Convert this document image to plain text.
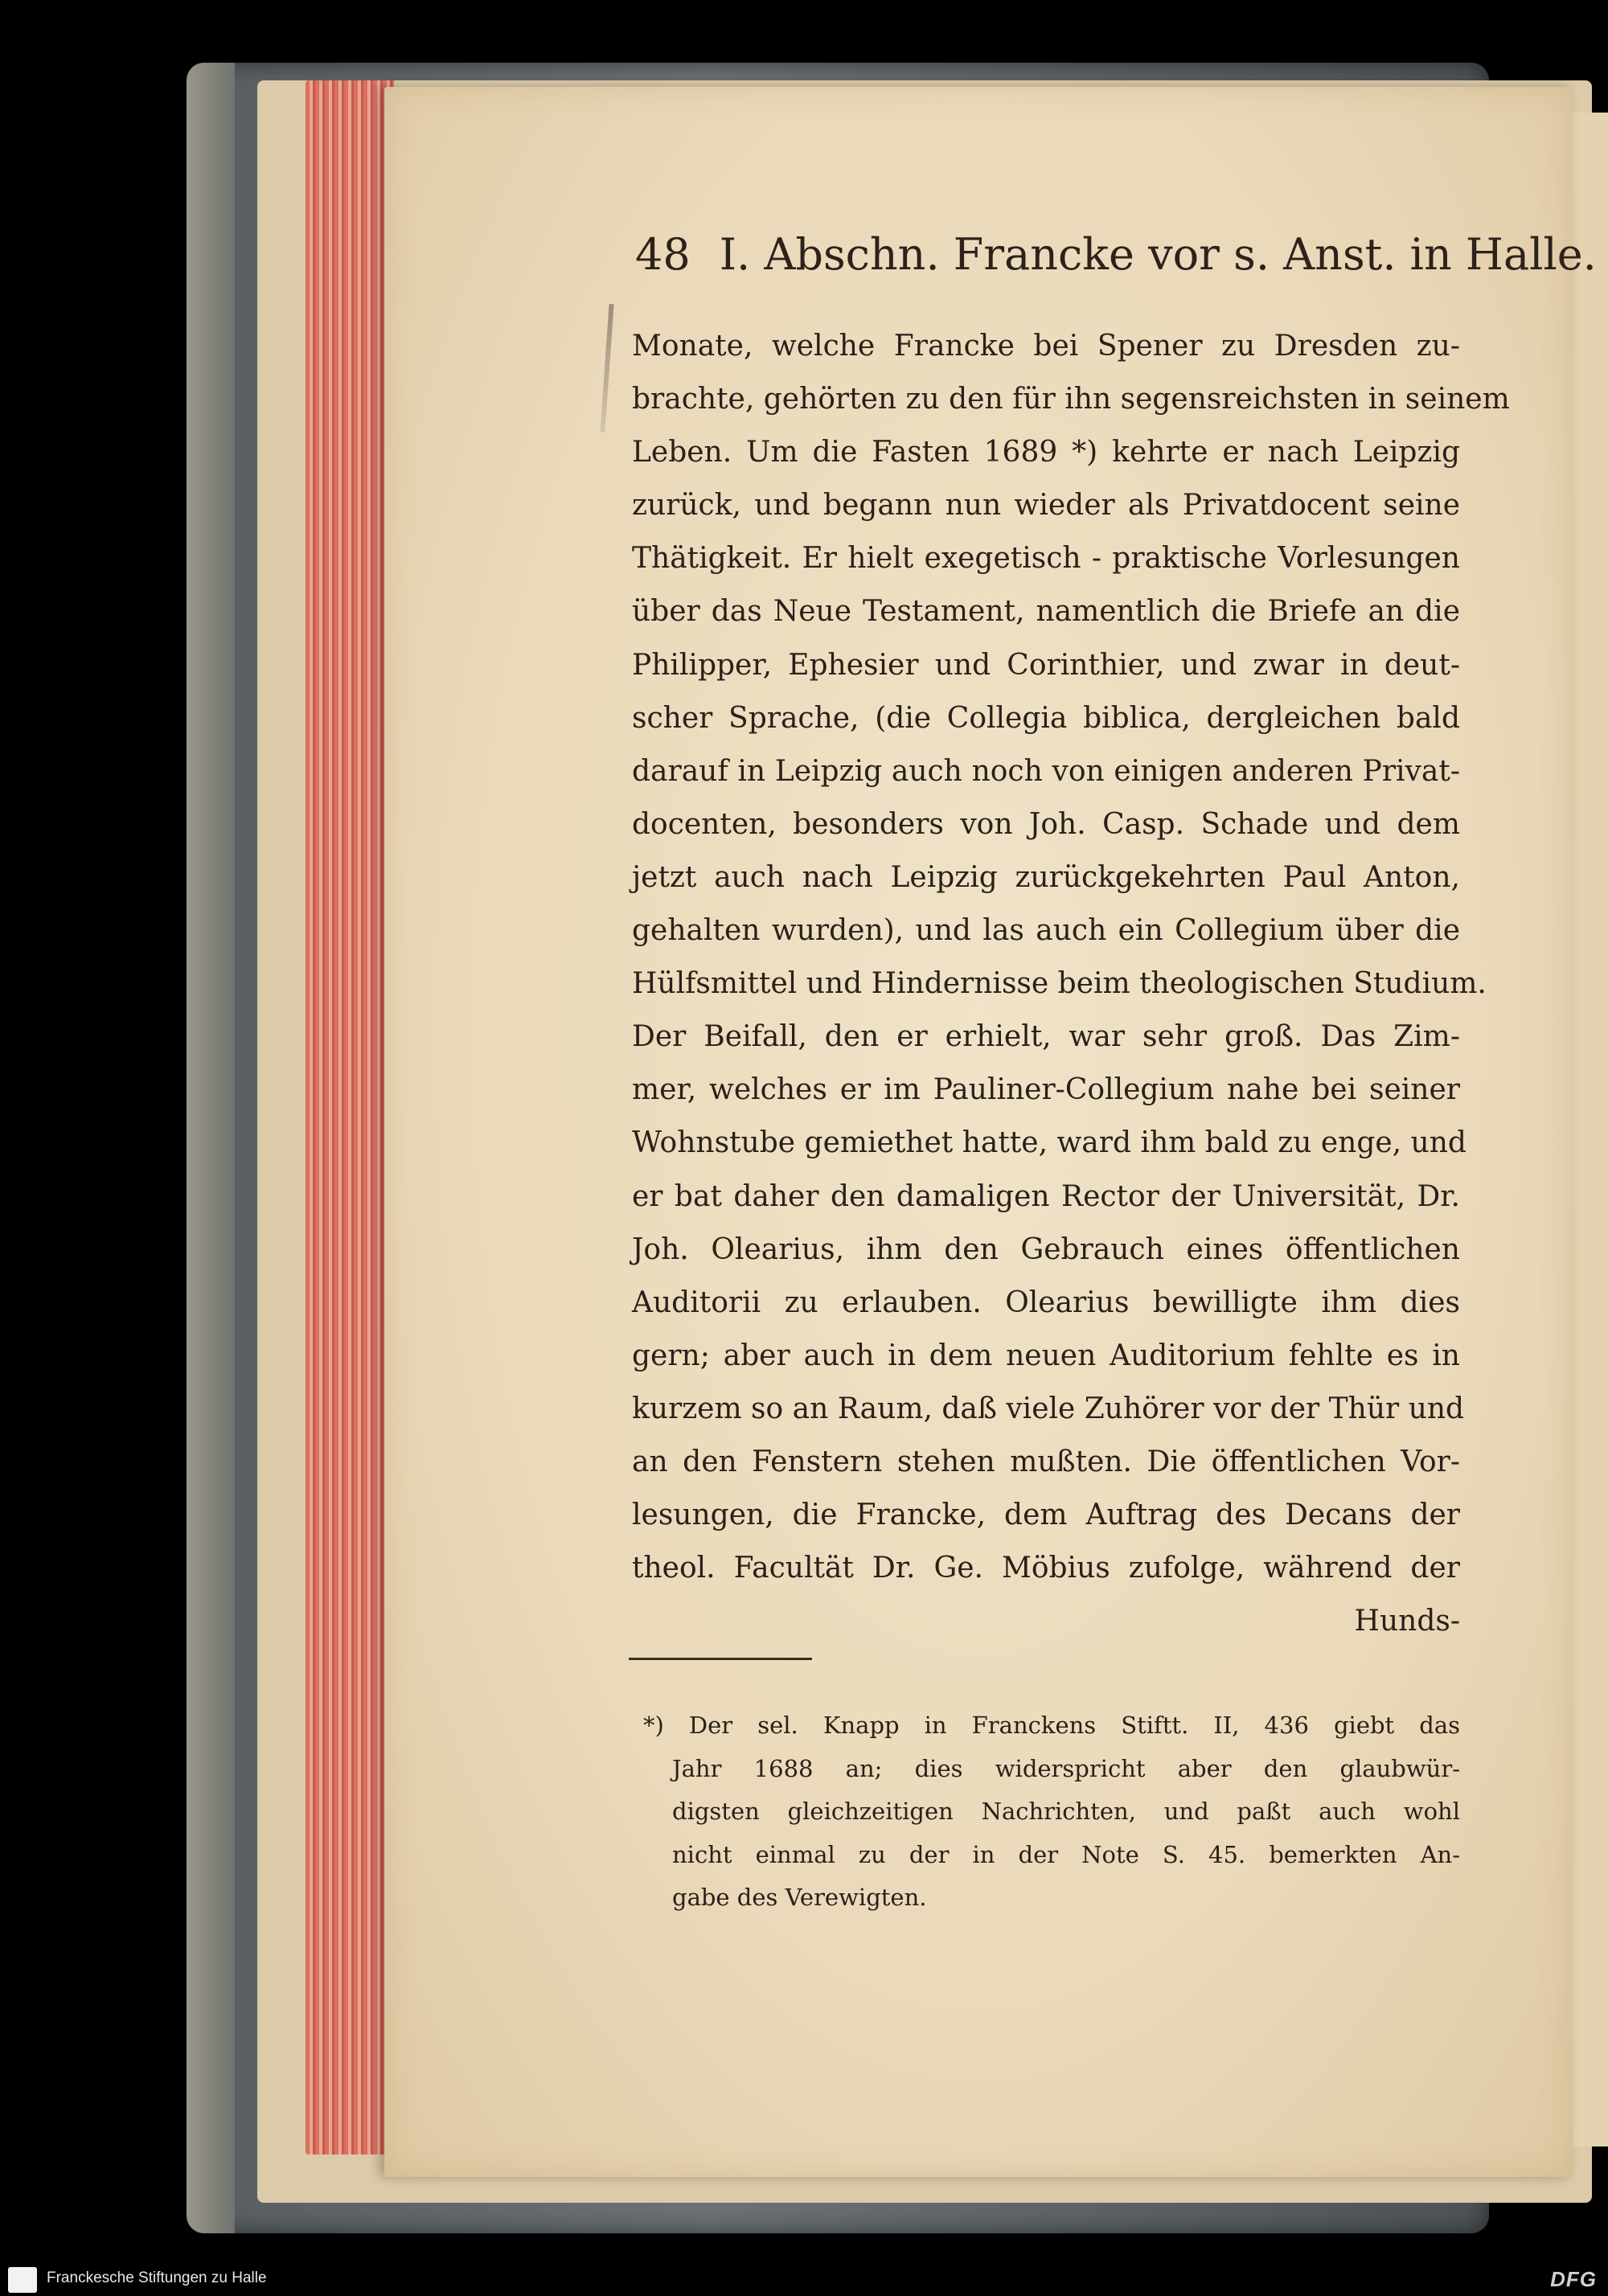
48 I. Abschn. Francke vor s. Anst. in Halle.
Monate, welche Francke bei Spener zu Dresden zu-
brachte, gehörten zu den für ihn segensreichsten in seinem
Leben. Um die Fasten 1689 *) kehrte er nach Leipzig
zurück, und begann nun wieder als Privatdocent seine
Thätigkeit. Er hielt exegetisch - praktische Vorlesungen
über das Neue Testament, namentlich die Briefe an die
Philipper, Ephesier und Corinthier, und zwar in deut-
scher Sprache, (die Collegia biblica, dergleichen bald
darauf in Leipzig auch noch von einigen anderen Privat-
docenten, besonders von Joh. Casp. Schade und dem
jetzt auch nach Leipzig zurückgekehrten Paul Anton,
gehalten wurden), und las auch ein Collegium über die
Hülfsmittel und Hindernisse beim theologischen Studium.
Der Beifall, den er erhielt, war sehr groß. Das Zim-
mer, welches er im Pauliner-Collegium nahe bei seiner
Wohnstube gemiethet hatte, ward ihm bald zu enge, und
er bat daher den damaligen Rector der Universität, Dr.
Joh. Olearius, ihm den Gebrauch eines öffentlichen
Auditorii zu erlauben. Olearius bewilligte ihm dies
gern; aber auch in dem neuen Auditorium fehlte es in
kurzem so an Raum, daß viele Zuhörer vor der Thür und
an den Fenstern stehen mußten. Die öffentlichen Vor-
lesungen, die Francke, dem Auftrag des Decans der
theol. Facultät Dr. Ge. Möbius zufolge, während der
Hunds-
*) Der sel. Knapp in Franckens Stiftt. II, 436 giebt das
Jahr 1688 an; dies widerspricht aber den glaubwür-
digsten gleichzeitigen Nachrichten, und paßt auch wohl
nicht einmal zu der in der Note S. 45. bemerkten An-
gabe des Verewigten.
Franckesche Stiftungen zu Halle	DFG
